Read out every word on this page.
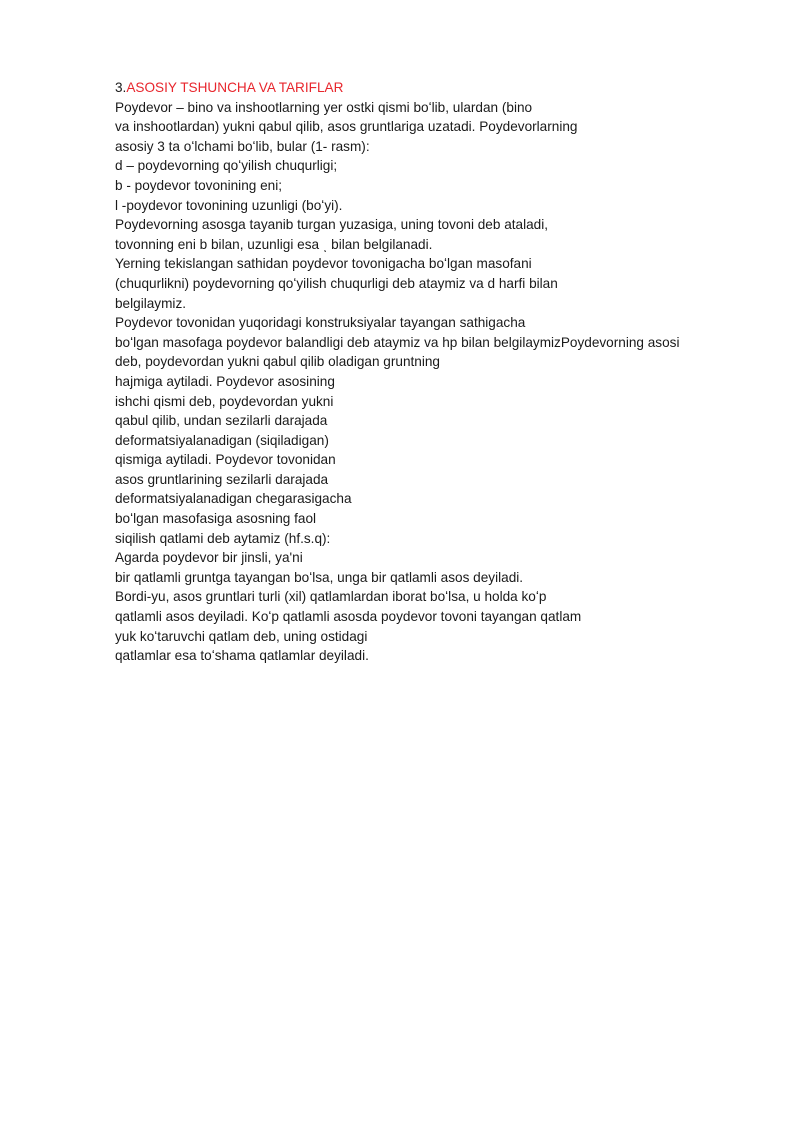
3.ASOSIY TSHUNCHA VA TARIFLAR
Poydevor – bino va inshootlarning yer ostki qismi boʻlib, ulardan (bino
va inshootlardan) yukni qabul qilib, asos gruntlariga uzatadi. Poydevorlarning
asosiy 3 ta oʻlchami boʻlib, bular (1- rasm):
d – poydevorning qoʻyilish chuqurligi;
b - poydevor tovonining eni;
l -poydevor tovonining uzunligi (boʻyi).
Poydevorning asosga tayanib turgan yuzasiga, uning tovoni deb ataladi,
tovonning eni b bilan, uzunligi esa ͺ bilan belgilanadi.
Yerning tekislangan sathidan poydevor tovonigacha boʻlgan masofani
(chuqurlikni) poydevorning qoʻyilish chuqurligi deb ataymiz va d harfi bilan
belgilaymiz.
Poydevor tovonidan yuqoridagi konstruksiyalar tayangan sathigacha
boʻlgan masofaga poydevor balandligi deb ataymiz va hp bilan belgilaymizPoydevorning asosi
deb, poydevordan yukni qabul qilib oladigan gruntning
hajmiga aytiladi. Poydevor asosining
ishchi qismi deb, poydevordan yukni
qabul qilib, undan sezilarli darajada
deformatsiyalanadigan (siqiladigan)
qismiga aytiladi. Poydevor tovonidan
asos gruntlarining sezilarli darajada
deformatsiyalanadigan chegarasigacha
boʻlgan masofasiga asosning faol
siqilish qatlami deb aytamiz (hf.s.q):
Agarda poydevor bir jinsli, ya'ni
bir qatlamli gruntga tayangan boʻlsa, unga bir qatlamli asos deyiladi.
Bordi-yu, asos gruntlari turli (xil) qatlamlardan iborat boʻlsa, u holda koʻp
qatlamli asos deyiladi. Koʻp qatlamli asosda poydevor tovoni tayangan qatlam
yuk koʻtaruvchi qatlam deb, uning ostidagi
qatlamlar esa toʻshama qatlamlar deyiladi.
